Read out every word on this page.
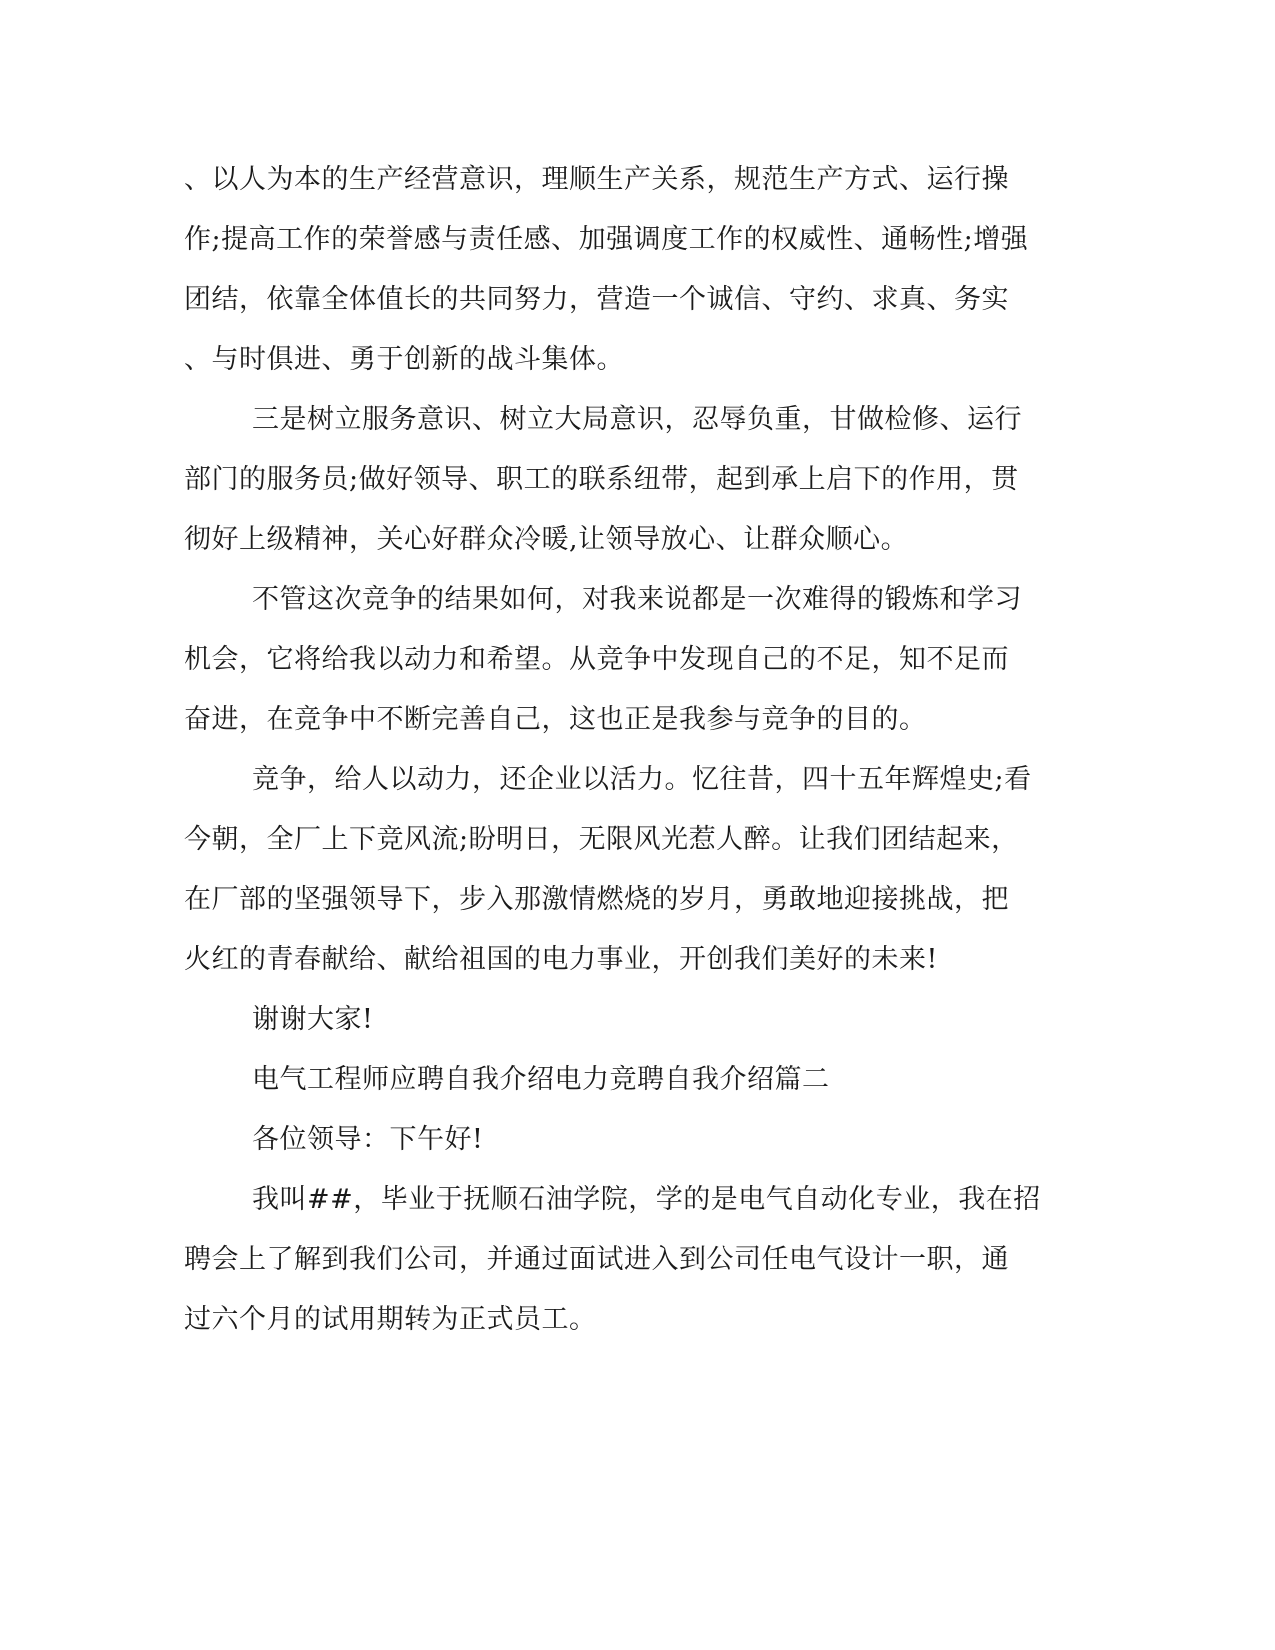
、以人为本的生产经营意识，理顺生产关系，规范生产方式、运行操
作;提高工作的荣誉感与责任感、加强调度工作的权威性、通畅性;增强
团结，依靠全体值长的共同努力，营造一个诚信、守约、求真、务实
、与时俱进、勇于创新的战斗集体。
三是树立服务意识、树立大局意识，忍辱负重，甘做检修、运行
部门的服务员;做好领导、职工的联系纽带，起到承上启下的作用，贯
彻好上级精神，关心好群众冷暖,让领导放心、让群众顺心。
不管这次竞争的结果如何，对我来说都是一次难得的锻炼和学习
机会，它将给我以动力和希望。从竞争中发现自己的不足，知不足而
奋进，在竞争中不断完善自己，这也正是我参与竞争的目的。
竞争，给人以动力，还企业以活力。忆往昔，四十五年辉煌史;看
今朝，全厂上下竞风流;盼明日，无限风光惹人醉。让我们团结起来，
在厂部的坚强领导下，步入那激情燃烧的岁月，勇敢地迎接挑战，把
火红的青春献给、献给祖国的电力事业，开创我们美好的未来!
谢谢大家!
电气工程师应聘自我介绍电力竞聘自我介绍篇二
各位领导：下午好!
我叫##，毕业于抚顺石油学院，学的是电气自动化专业，我在招
聘会上了解到我们公司，并通过面试进入到公司任电气设计一职，通
过六个月的试用期转为正式员工。
